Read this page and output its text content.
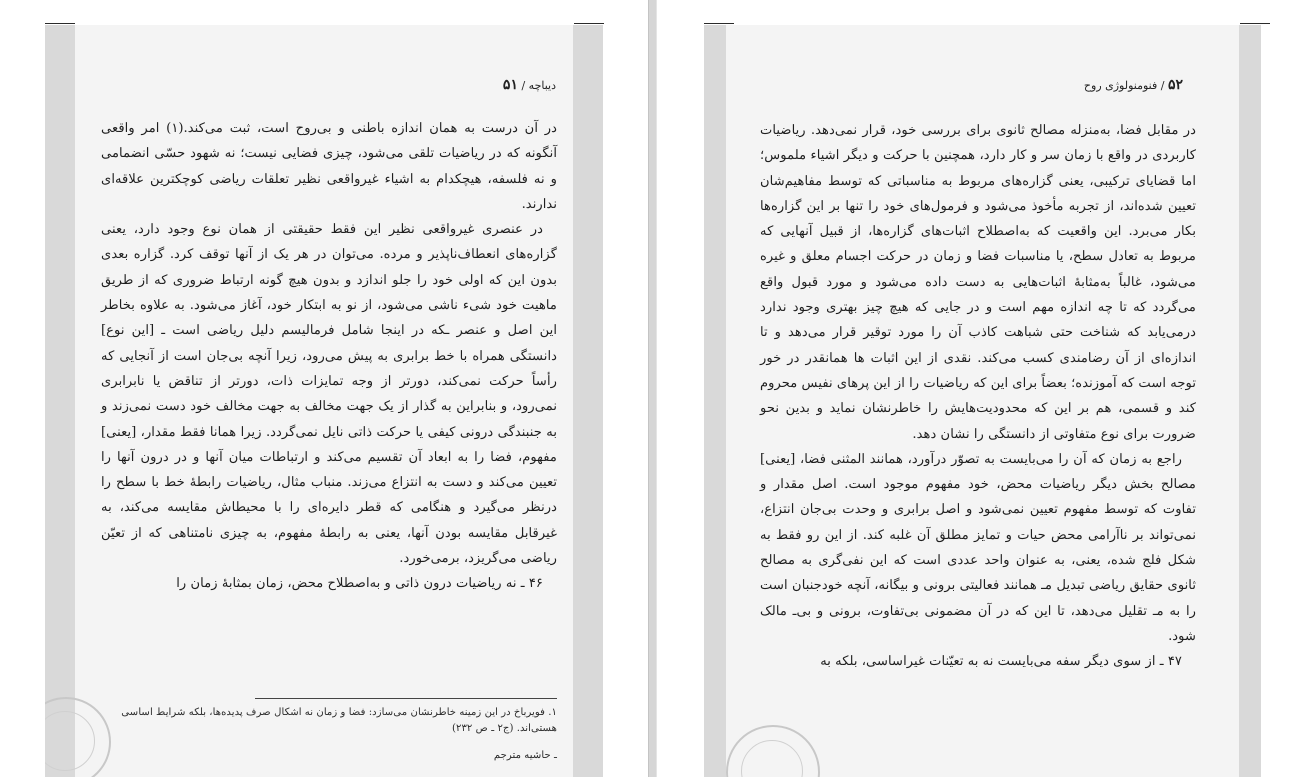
دیباچه / ۵۱

در آن درست به همان اندازه باطنی و بی‌روح است، ثبت می‌کند.(۱) امر واقعی آنگونه که در ریاضیات تلقی می‌شود، چیزی فضایی نیست؛ نه شهود حسّی انضمامی و نه فلسفه، هیچکدام به اشیاء غیرواقعی نظیر تعلقات ریاضی کوچکترین علاقه‌ای ندارند.

در عنصری غیرواقعی نظیر این فقط حقیقتی از همان نوع وجود دارد، یعنی گزاره‌های انعطاف‌ناپذیر و مرده. می‌توان در هر یک از آنها توقف کرد. گزاره بعدی بدون این که اولی خود را جلو اندازد و بدون هیچ گونه ارتباط ضروری که از طریق ماهیت خود شیء ناشی می‌شود، از نو به ابتکار خود، آغاز می‌شود. به علاوه بخاطر این اصل و عنصر ـکه در اینجا شامل فرمالیسم دلیل ریاضی است ـ [این نوع] دانستگی همراه با خط برابری به پیش می‌رود، زیرا آنچه بی‌جان است از آنجایی که رأساً حرکت نمی‌کند، دورتر از وجه تمایزات ذات، دورتر از تناقض یا نابرابری نمی‌رود، و بنابراین به گذار از یک جهت مخالف به جهت مخالف خود دست نمی‌زند و به جنبندگی درونی کیفی یا حرکت ذاتی نایل نمی‌گردد. زیرا همانا فقط مقدار، [یعنی] مفهوم، فضا را به ابعاد آن تقسیم می‌کند و ارتباطات میان آنها و در درون آنها را تعیین می‌کند و دست به انتزاع می‌زند. منباب مثال، ریاضیات رابطهٔ خط با سطح را درنظر می‌گیرد و هنگامی که قطر دایره‌ای را با محیطاش مقایسه می‌کند، به غیرقابل مقایسه بودن آنها، یعنی به رابطهٔ مفهوم، به چیزی نامتناهی که از تعیّن ریاضی می‌گریزد، برمی‌خورد.

۴۶ ـ نه ریاضیات درون ذاتی و به‌اصطلاح محض، زمان بمثابهٔ زمان را

۱. فویرباخ در این زمینه خاطرنشان می‌سازد: فضا و زمان نه اشکال صرف پدیده‌ها، بلکه شرایط اساسی هستی‌اند. (ج۲ ـ ص ۲۳۲)
ـ حاشیه مترجم
۵۲ / فنومنولوژی روح

در مقابل فضا، به‌منزله مصالح ثانوی برای بررسی خود، قرار نمی‌دهد. ریاضیات کاربردی در واقع با زمان سر و کار دارد، همچنین با حرکت و دیگر اشیاء ملموس؛ اما قضایای ترکیبی، یعنی گزاره‌های مربوط به مناسباتی که توسط مفاهیم‌شان تعیین شده‌اند، از تجربه مأخوذ می‌شود و فرمول‌های خود را تنها بر این گزاره‌ها بکار می‌برد. این واقعیت که به‌اصطلاح اثبات‌های گزاره‌ها، از قبیل آنهایی که مربوط به تعادل سطح، یا مناسبات فضا و زمان در حرکت اجسام معلق و غیره می‌شود، غالباً به‌مثابهٔ اثبات‌هایی به دست داده می‌شود و مورد قبول واقع می‌گردد که تا چه اندازه مهم است و در جایی که هیچ چیز بهتری وجود ندارد درمی‌یابد که شناخت حتی شباهت کاذب آن را مورد توقیر قرار می‌دهد و تا اندازه‌ای از آن رضامندی کسب می‌کند. نقدی از این اثبات ها همانقدر در خور توجه است که آموزنده؛ بعضاً برای این که ریاضیات را از این پرهای نفیس محروم کند و قسمی، هم بر این که محدودیت‌هایش را خاطرنشان نماید و بدین نحو ضرورت برای نوع متفاوتی از دانستگی را نشان دهد.

راجع به زمان که آن را می‌بایست به تصوّر درآورد، همانند المثنی فضا، [یعنی] مصالح بخش دیگر ریاضیات محض، خود مفهوم موجود است. اصل مقدار و تفاوت که توسط مفهوم تعیین نمی‌شود و اصل برابری و وحدت بی‌جان انتزاع، نمی‌تواند بر ناآرامی محض حیات و تمایز مطلق آن غلبه کند. از این رو فقط به شکل فلج شده، یعنی، به عنوان واحد عددی است که این نفی‌گری به مصالح ثانوی حقایق ریاضی تبدیل مـ همانند فعالیتی برونی و بیگانه، آنچه خودجنبان است را به مـ تقلیل می‌دهد، تا این که در آن مضمونی بی‌تفاوت، برونی و بی‌ـ مالک شود.

۴۷ ـ از سوی دیگر سفه می‌بایست نه به تعیّنات غیراساسی، بلکه به
